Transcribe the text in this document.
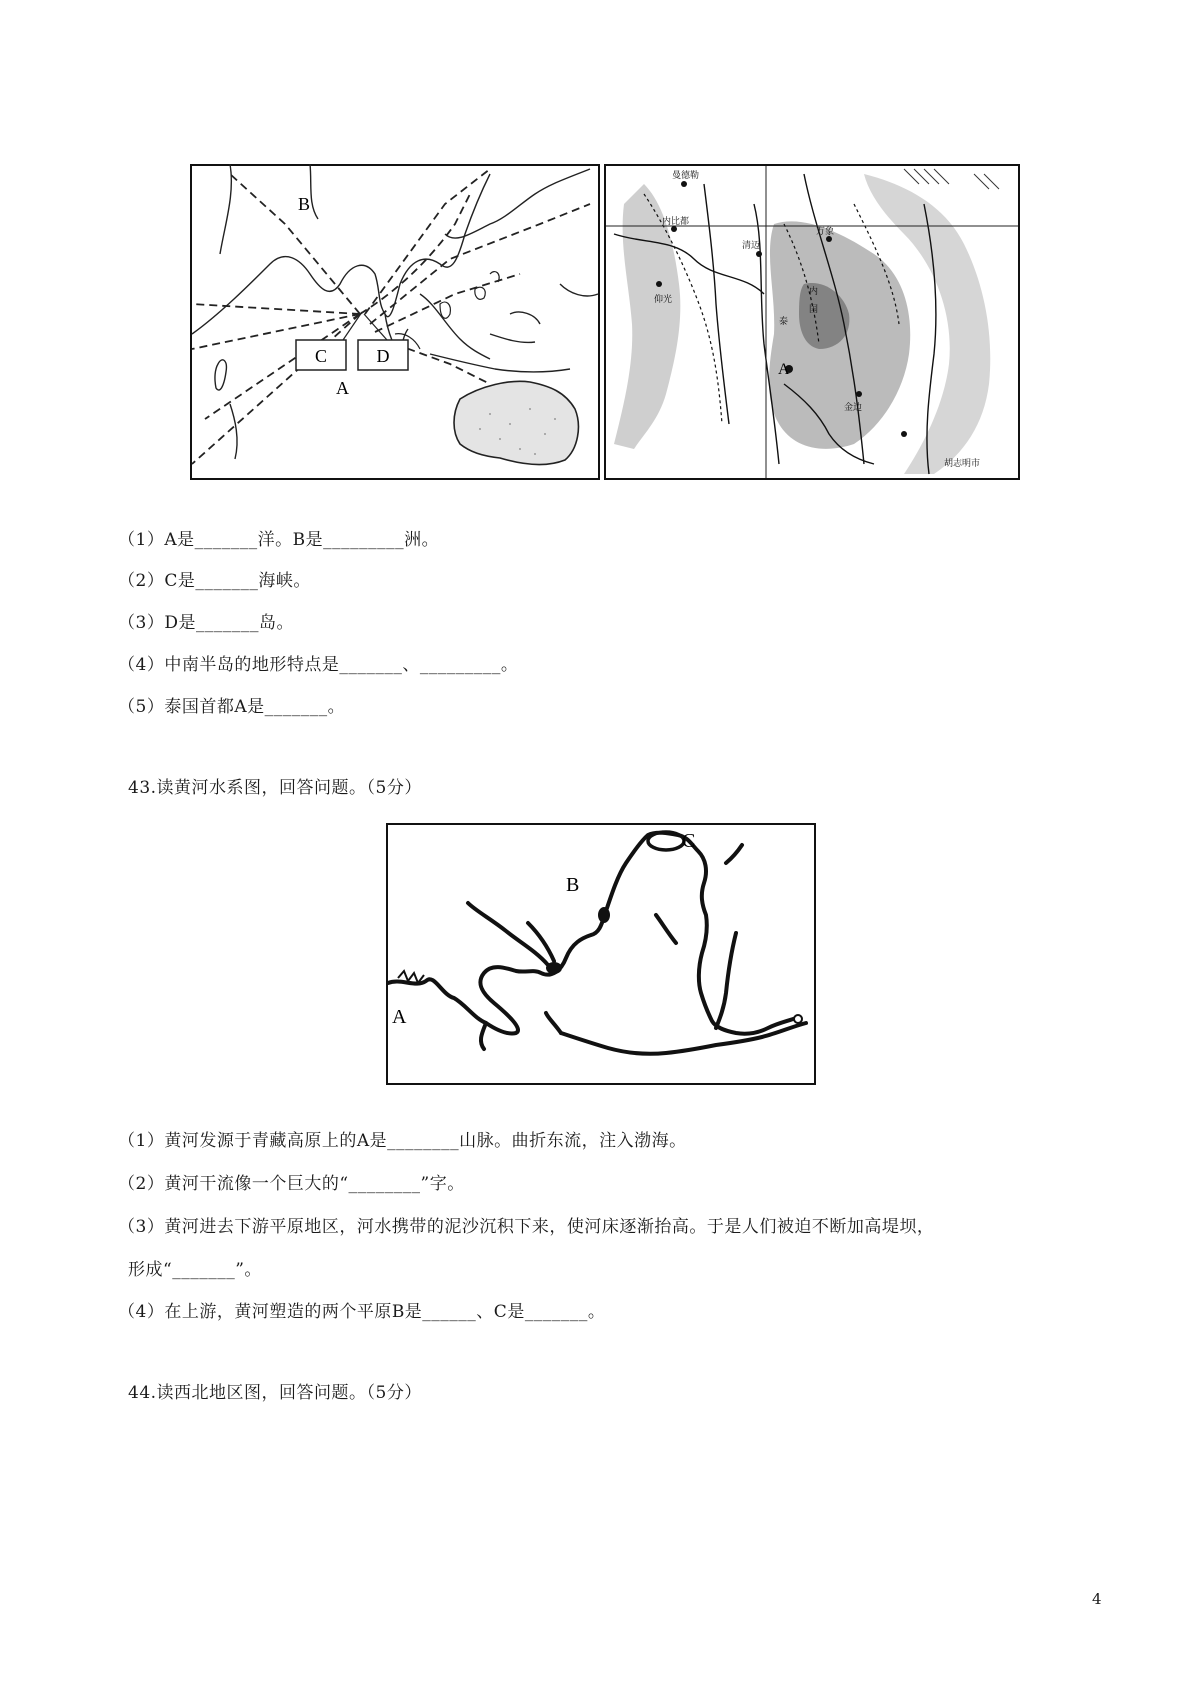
C	D
B
A
曼德勒
内比都
仰光
清迈
万象
泰
国
内
金边
胡志明市
A
（1）A是_______洋。B是_________洲。
（2）C是_______海峡。
（3）D是_______岛。
（4）中南半岛的地形特点是_______、_________。
（5）泰国首都A是_______。
43.读黄河水系图，回答问题。（5分）
A
B
C
（1）黄河发源于青藏高原上的A是________山脉。曲折东流，注入渤海。
（2）黄河干流像一个巨大的“________”字。
（3）黄河进去下游平原地区，河水携带的泥沙沉积下来，使河床逐渐抬高。于是人们被迫不断加高堤坝，
形成“_______”。
（4）在上游，黄河塑造的两个平原B是______、C是_______。
44.读西北地区图，回答问题。（5分）
4
